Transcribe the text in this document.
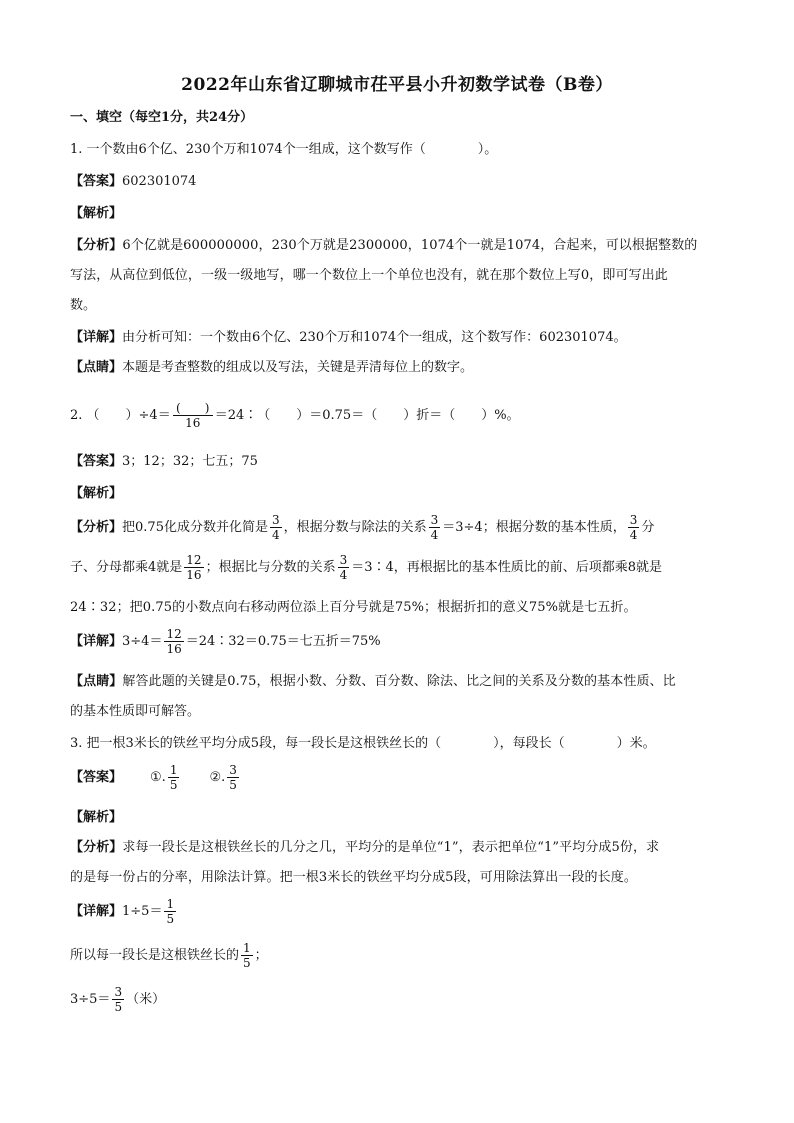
2022年山东省辽聊城市茌平县小升初数学试卷（B卷）
一、填空（每空1分，共24分）
1. 一个数由6个亿、230个万和1074个一组成，这个数写作（　　　　）。
【答案】602301074
【解析】
【分析】6个亿就是600000000，230个万就是2300000，1074个一就是1074，合起来，可以根据整数的
写法，从高位到低位，一级一级地写，哪一个数位上一个单位也没有，就在那个数位上写0，即可写出此
数。
【详解】由分析可知：一个数由6个亿、230个万和1074个一组成，这个数写作：602301074。
【点睛】本题是考查整数的组成以及写法，关键是弄清每位上的数字。
2. （　　）$\div 4= \frac{( )}{16}$ ＝24∶（　　）＝0.75＝（　　）折＝（　　）%。
【答案】3；12；32；七五；75
【解析】
【分析】把0.75化成分数并化简是 $\frac{3}{4}$ ，根据分数与除法的关系 $\frac{3}{4} =3\div 4$；根据分数的基本性质， $\frac{3}{4}$ 分
子、分母都乘4就是 $\frac{12}{16}$ ；根据比与分数的关系 $\frac{3}{4}$ ＝3∶4，再根据比的基本性质比的前、后项都乘8就是
24∶32；把0.75的小数点向右移动两位添上百分号就是75%；根据折扣的意义75%就是七五折。
【详解】$3\div 4= \frac{12}{16}$ ＝24∶32＝0.75＝七五折＝75%
【点睛】解答此题的关键是0.75，根据小数、分数、百分数、除法、比之间的关系及分数的基本性质、比
的基本性质即可解答。
3. 把一根3米长的铁丝平均分成5段，每一段长是这根铁丝长的（　　　　），每段长（　　　　）米。
【答案】 ①. $\frac{1}{5}$ ②. $\frac{3}{5}$
【解析】
【分析】求每一段长是这根铁丝长的几分之几，平均分的是单位“1”，表示把单位“1”平均分成5份，求
的是每一份占的分率，用除法计算。把一根3米长的铁丝平均分成5段，可用除法算出一段的长度。
【详解】$1\div 5= \frac{1}{5}$
所以每一段长是这根铁丝长的 $\frac{1}{5}$ ；
$3\div 5= \frac{3}{5}$ （米）
